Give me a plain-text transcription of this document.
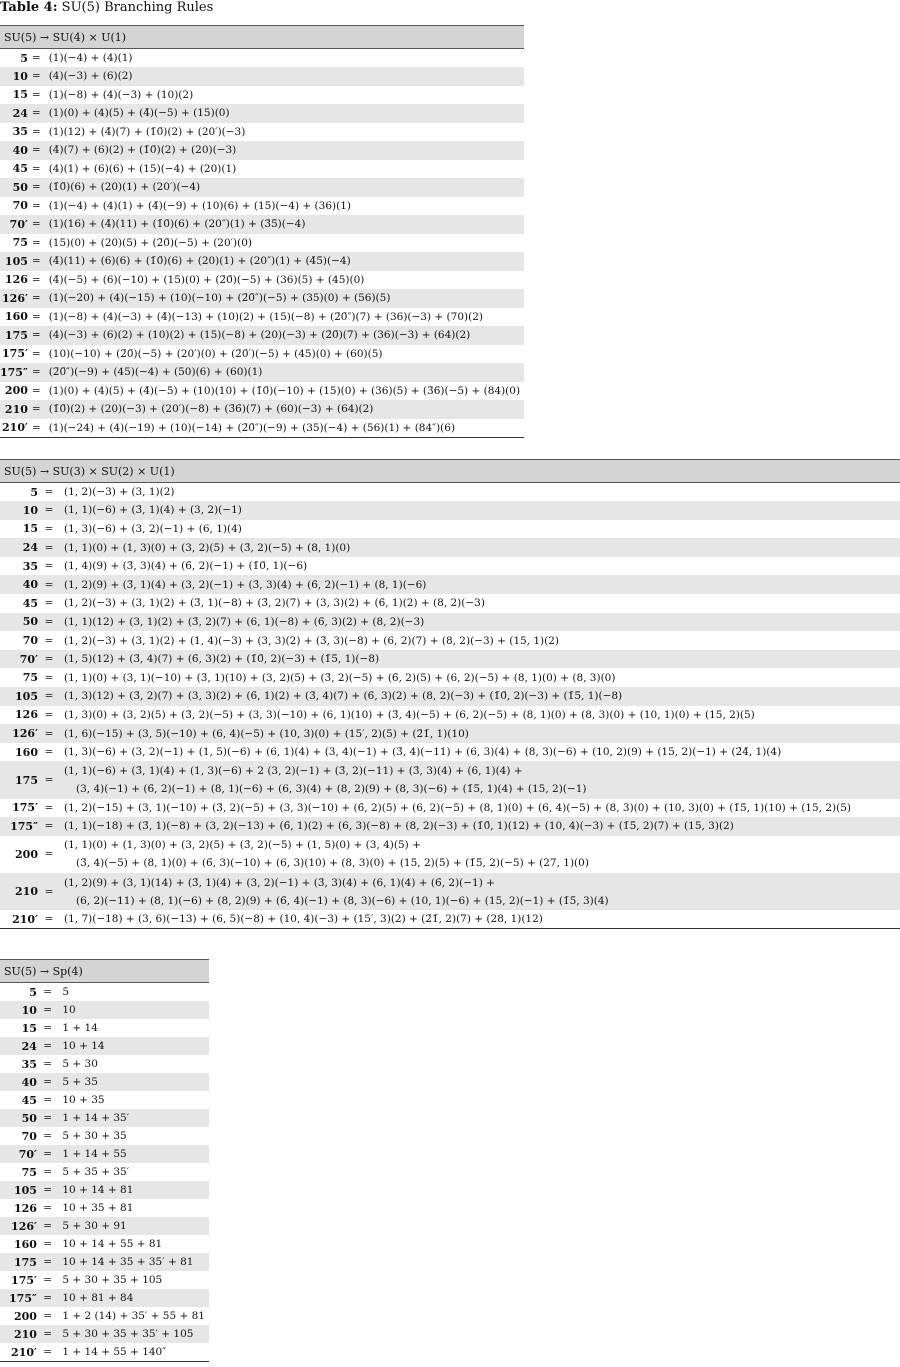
Table 4: SU(5) Branching Rules
SU(5) → SU(4) × U(1)		
5	=	(1)(−4) + (4)(1)

10	=	(4)(−3) + (6)(2)

15	=	(1)(−8) + (4)(−3) + (10)(2)

24	=	(1)(0) + (4)(5) + (4̄)(−5) + (15)(0)

35	=	(1)(12) + (4̄)(7) + (1̄0̄)(2) + (20′)(−3)

40	=	(4̄)(7) + (6)(2) + (1̄0̄)(2) + (20)(−3)

45	=	(4)(1) + (6)(6) + (15)(−4) + (20)(1)

50	=	(1̄0̄)(6) + (20)(1) + (20′)(−4)

70	=	(1)(−4) + (4)(1) + (4̄)(−9) + (10)(6) + (15)(−4) + (36)(1)

70′	=	(1)(16) + (4̄)(11) + (1̄0̄)(6) + (20″)(1) + (3̄5̄)(−4)

75	=	(15)(0) + (20)(5) + (2̄0̄)(−5) + (20′)(0)

105	=	(4̄)(11) + (6)(6) + (1̄0̄)(6) + (20)(1) + (20″)(1) + (4̄5̄)(−4)

126	=	(4̄)(−5) + (6)(−10) + (15)(0) + (2̄0̄)(−5) + (36)(5) + (45)(0)

126′	=	(1)(−20) + (4)(−15) + (10)(−10) + (2̄0̄″)(−5) + (35)(0) + (56)(5)

160	=	(1)(−8) + (4)(−3) + (4̄)(−13) + (10)(2) + (15)(−8) + (2̄0̄″)(7) + (36)(−3) + (70)(2)

175	=	(4)(−3) + (6)(2) + (10)(2) + (15)(−8) + (20)(−3) + (2̄0̄)(7) + (36)(−3) + (64)(2)

175′	=	(10)(−10) + (2̄0̄)(−5) + (20′)(0) + (2̄0̄′)(−5) + (45)(0) + (60)(5)

175″	=	(2̄0̄″)(−9) + (45)(−4) + (50)(6) + (60)(1)

200	=	(1)(0) + (4)(5) + (4̄)(−5) + (10)(10) + (1̄0̄)(−10) + (15)(0) + (36)(5) + (3̄6̄)(−5) + (84)(0)

210	=	(1̄0̄)(2) + (20)(−3) + (20′)(−8) + (3̄6̄)(7) + (60)(−3) + (64)(2)

210′	=	(1)(−24) + (4)(−19) + (10)(−14) + (2̄0̄″)(−9) + (35)(−4) + (56)(1) + (84″)(6)
SU(5) → SU(3) × SU(2) × U(1)		
5	=	(1, 2)(−3) + (3, 1)(2)

10	=	(1, 1)(−6) + (3̄, 1)(4) + (3, 2)(−1)

15	=	(1, 3)(−6) + (3, 2)(−1) + (6, 1)(4)

24	=	(1, 1)(0) + (1, 3)(0) + (3, 2)(5) + (3̄, 2)(−5) + (8, 1)(0)

35	=	(1, 4)(9) + (3̄, 3)(4) + (6̄, 2)(−1) + (1̄0̄, 1)(−6)

40	=	(1, 2)(9) + (3̄, 1)(4) + (3, 2)(−1) + (3̄, 3)(4) + (6̄, 2)(−1) + (8, 1)(−6)

45	=	(1, 2)(−3) + (3, 1)(2) + (3̄, 1)(−8) + (3̄, 2)(7) + (3, 3)(2) + (6̄, 1)(2) + (8, 2)(−3)

50	=	(1, 1)(12) + (3, 1)(2) + (3̄, 2)(7) + (6, 1)(−8) + (6̄, 3)(2) + (8, 2)(−3)

70	=	(1, 2)(−3) + (3, 1)(2) + (1, 4)(−3) + (3, 3)(2) + (3̄, 3)(−8) + (6, 2)(7) + (8, 2)(−3) + (15, 1)(2)

70′	=	(1, 5)(12) + (3̄, 4)(7) + (6̄, 3)(2) + (1̄0̄, 2)(−3) + (1̄5̄, 1)(−8)

75	=	(1, 1)(0) + (3, 1)(−10) + (3̄, 1)(10) + (3, 2)(5) + (3̄, 2)(−5) + (6̄, 2)(5) + (6, 2)(−5) + (8, 1)(0) + (8, 3)(0)

105	=	(1, 3)(12) + (3̄, 2)(7) + (3, 3)(2) + (6̄, 1)(2) + (3̄, 4)(7) + (6̄, 3)(2) + (8, 2)(−3) + (1̄0̄, 2)(−3) + (1̄5̄, 1)(−8)

126	=	(1, 3)(0) + (3, 2)(5) + (3̄, 2)(−5) + (3, 3)(−10) + (6, 1)(10) + (3̄, 4)(−5) + (6, 2)(−5) + (8, 1)(0) + (8, 3)(0) + (10, 1)(0) + (15, 2)(5)

126′	=	(1, 6)(−15) + (3, 5)(−10) + (6, 4)(−5) + (10, 3)(0) + (15′, 2)(5) + (2̄1̄, 1)(10)

160	=	(1, 3)(−6) + (3, 2)(−1) + (1, 5)(−6) + (6, 1)(4) + (3, 4)(−1) + (3̄, 4)(−11) + (6, 3)(4) + (8, 3)(−6) + (10, 2)(9) + (15, 2)(−1) + (2̄4̄, 1)(4)

175	=	(1, 1)(−6) + (3̄, 1)(4) + (1, 3)(−6) + 2 (3, 2)(−1) + (3̄, 2)(−11) + (3̄, 3)(4) + (6, 1)(4) +
(3, 4)(−1) + (6̄, 2)(−1) + (8, 1)(−6) + (6, 3)(4) + (8, 2)(9) + (8, 3)(−6) + (1̄5̄, 1)(4) + (15, 2)(−1)

175′	=	(1, 2)(−15) + (3, 1)(−10) + (3̄, 2)(−5) + (3, 3)(−10) + (6̄, 2)(5) + (6, 2)(−5) + (8, 1)(0) + (6, 4)(−5) + (8, 3)(0) + (10, 3)(0) + (1̄5̄, 1)(10) + (15, 2)(5)

175″	=	(1, 1)(−18) + (3̄, 1)(−8) + (3, 2)(−13) + (6̄, 1)(2) + (6, 3)(−8) + (8, 2)(−3) + (1̄0̄, 1)(12) + (10, 4)(−3) + (1̄5̄, 2)(7) + (15, 3)(2)

200	=	(1, 1)(0) + (1, 3)(0) + (3, 2)(5) + (3̄, 2)(−5) + (1, 5)(0) + (3, 4)(5) +
(3̄, 4)(−5) + (8, 1)(0) + (6̄, 3)(−10) + (6, 3)(10) + (8, 3)(0) + (15, 2)(5) + (1̄5̄, 2)(−5) + (27, 1)(0)

210	=	(1, 2)(9) + (3, 1)(14) + (3̄, 1)(4) + (3, 2)(−1) + (3̄, 3)(4) + (6, 1)(4) + (6̄, 2)(−1) +
(6, 2)(−11) + (8, 1)(−6) + (8, 2)(9) + (6̄, 4)(−1) + (8, 3)(−6) + (10, 1)(−6) + (15, 2)(−1) + (1̄5̄, 3)(4)

210′	=	(1, 7)(−18) + (3, 6)(−13) + (6, 5)(−8) + (10, 4)(−3) + (15′, 3)(2) + (2̄1̄, 2)(7) + (28, 1)(12)
SU(5) → Sp(4)		
5	=	5

10	=	10

15	=	1 + 14

24	=	10 + 14

35	=	5 + 30

40	=	5 + 35

45	=	10 + 35

50	=	1 + 14 + 35′

70	=	5 + 30 + 35

70′	=	1 + 14 + 55

75	=	5 + 35 + 35′

105	=	10 + 14 + 81

126	=	10 + 35 + 81

126′	=	5 + 30 + 91

160	=	10 + 14 + 55 + 81

175	=	10 + 14 + 35 + 35′ + 81

175′	=	5 + 30 + 35 + 105

175″	=	10 + 81 + 84

200	=	1 + 2 (14) + 35′ + 55 + 81

210	=	5 + 30 + 35 + 35′ + 105

210′	=	1 + 14 + 55 + 140″
